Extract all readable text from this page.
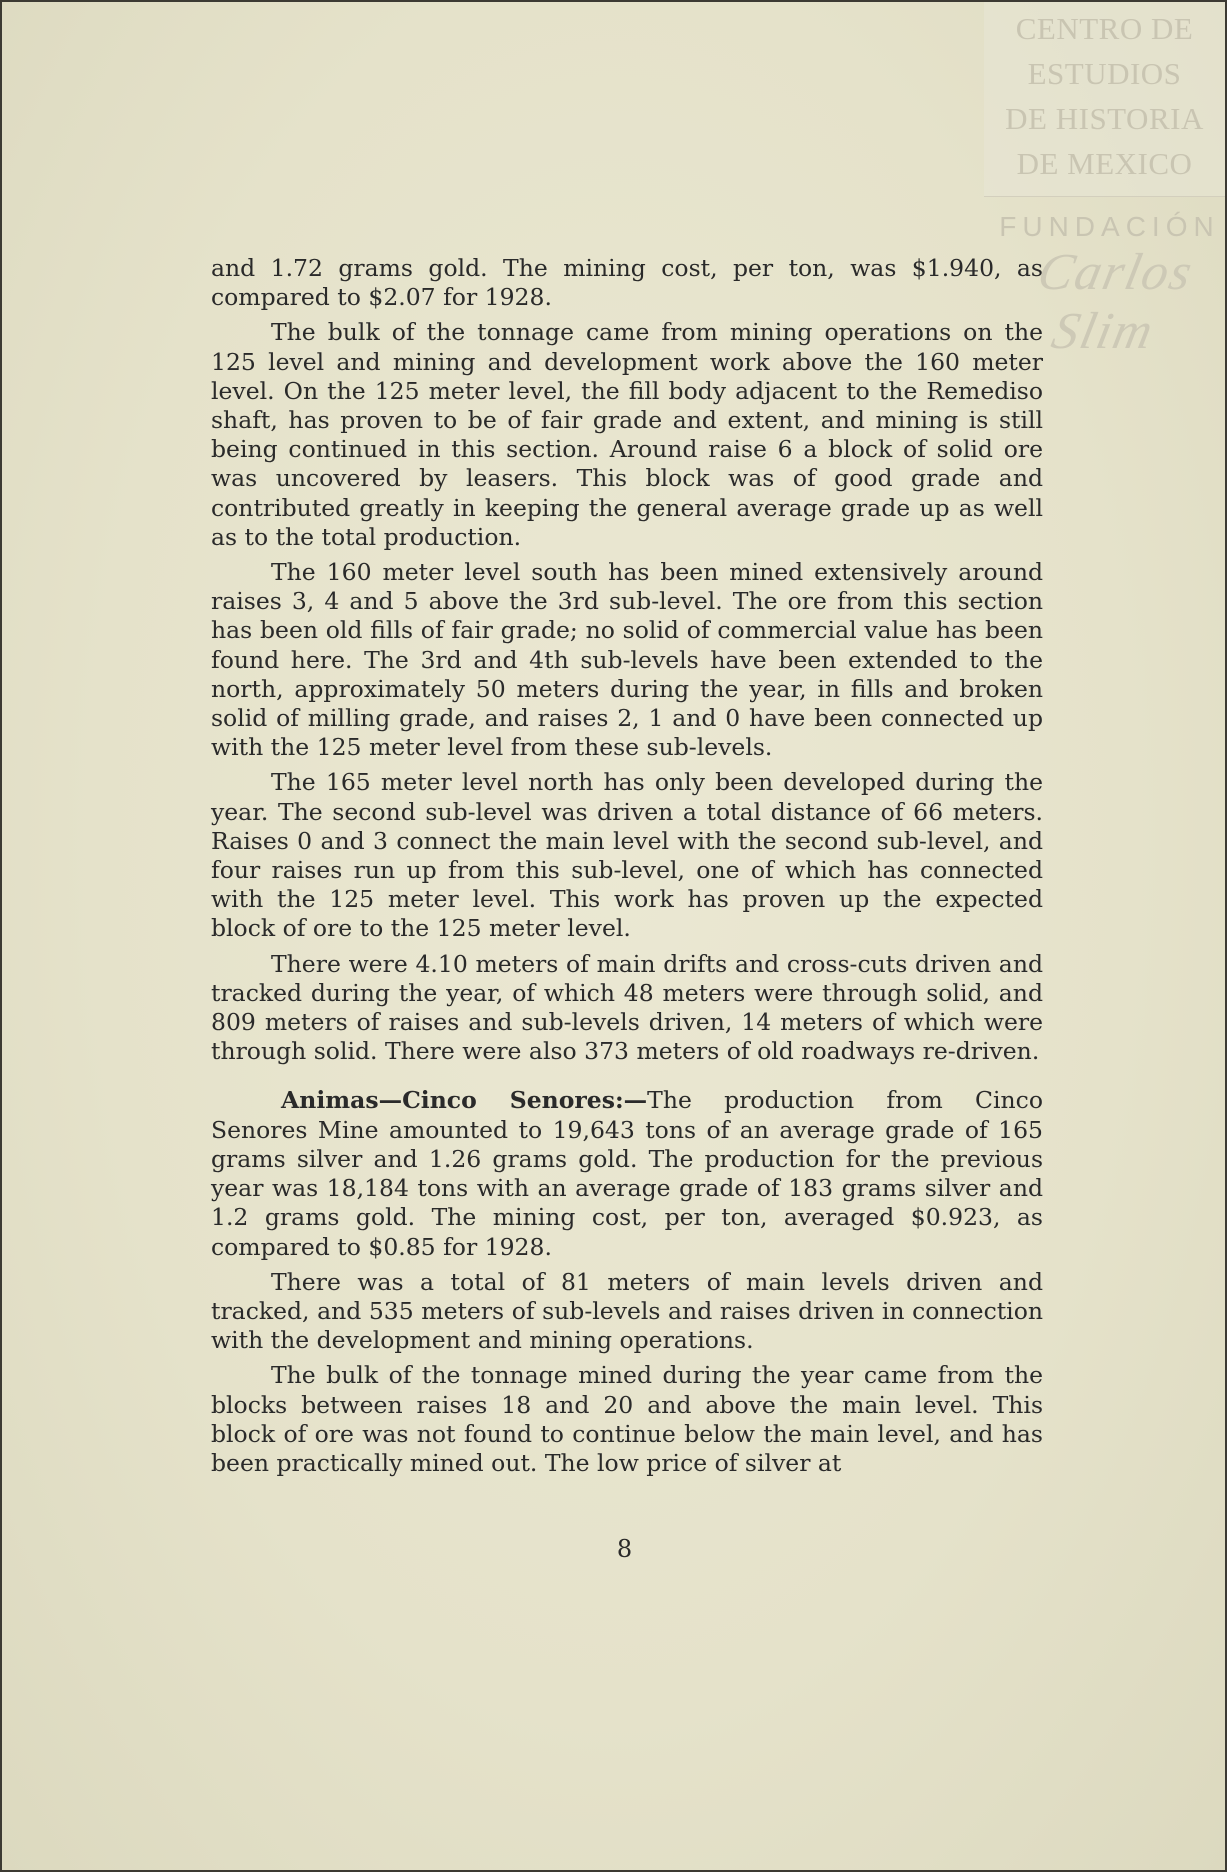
CENTRO DE
ESTUDIOS
DE HISTORIA
DE MEXICO
FUNDACIÓN
Carlos Slim

and 1.72 grams gold. The mining cost, per ton, was $1.940, as compared to $2.07 for 1928.

The bulk of the tonnage came from mining operations on the 125 level and mining and development work above the 160 meter level. On the 125 meter level, the fill body adjacent to the Remediso shaft, has proven to be of fair grade and extent, and mining is still being continued in this section. Around raise 6 a block of solid ore was uncovered by leasers. This block was of good grade and contributed greatly in keeping the general average grade up as well as to the total production.

The 160 meter level south has been mined extensively around raises 3, 4 and 5 above the 3rd sub-level. The ore from this section has been old fills of fair grade; no solid of commercial value has been found here. The 3rd and 4th sub-levels have been extended to the north, approximately 50 meters during the year, in fills and broken solid of milling grade, and raises 2, 1 and 0 have been connected up with the 125 meter level from these sub-levels.

The 165 meter level north has only been developed during the year. The second sub-level was driven a total distance of 66 meters. Raises 0 and 3 connect the main level with the second sub-level, and four raises run up from this sub-level, one of which has connected with the 125 meter level. This work has proven up the expected block of ore to the 125 meter level.

There were 4.10 meters of main drifts and cross-cuts driven and tracked during the year, of which 48 meters were through solid, and 809 meters of raises and sub-levels driven, 14 meters of which were through solid. There were also 373 meters of old roadways re-driven.

Animas—Cinco Senores:—The production from Cinco Senores Mine amounted to 19,643 tons of an average grade of 165 grams silver and 1.26 grams gold. The production for the previous year was 18,184 tons with an average grade of 183 grams silver and 1.2 grams gold. The mining cost, per ton, averaged $0.923, as compared to $0.85 for 1928.

There was a total of 81 meters of main levels driven and tracked, and 535 meters of sub-levels and raises driven in connection with the development and mining operations.

The bulk of the tonnage mined during the year came from the blocks between raises 18 and 20 and above the main level. This block of ore was not found to continue below the main level, and has been practically mined out. The low price of silver at

8
